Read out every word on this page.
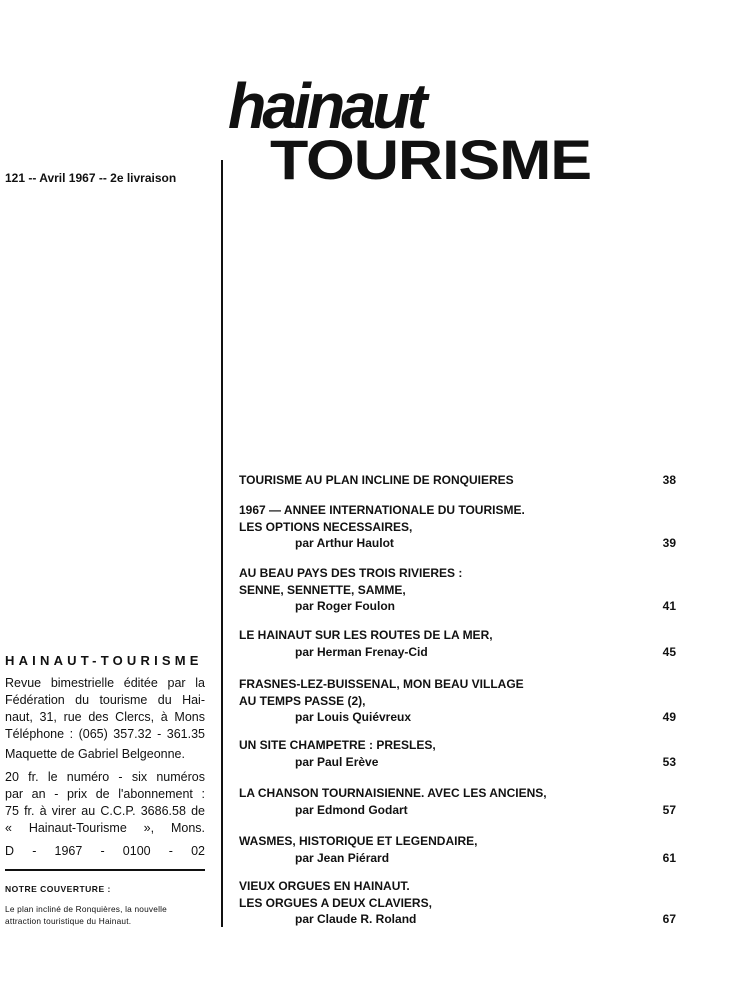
121 -- Avril 1967 -- 2e livraison
hainaut
TOURISME
HAINAUT-TOURISME

Revue bimestrielle éditée par la

Fédération du tourisme du Hai-

naut, 31, rue des Clercs, à Mons

Téléphone : (065) 357.32 - 361.35

Maquette de Gabriel Belgeonne.

20 fr. le numéro - six numéros

par an - prix de l'abonnement :

75 fr. à virer au C.C.P. 3686.58 de

« Hainaut-Tourisme », Mons.

D - 1967 - 0100 - 02

NOTRE COUVERTURE :
Le plan incliné de Ronquières, la nouvelle attraction touristique du Hainaut.
TOURISME AU PLAN INCLINE DE RONQUIERES	38
1967 — ANNEE INTERNATIONALE DU TOURISME.
LES OPTIONS NECESSAIRES,
par Arthur Haulot	39
AU BEAU PAYS DES TROIS RIVIERES :
SENNE, SENNETTE, SAMME,
par Roger Foulon	41
LE HAINAUT SUR LES ROUTES DE LA MER,
par Herman Frenay-Cid	45
FRASNES-LEZ-BUISSENAL, MON BEAU VILLAGE
AU TEMPS PASSE (2),
par Louis Quiévreux	49
UN SITE CHAMPETRE : PRESLES,
par Paul Erève	53
LA CHANSON TOURNAISIENNE. AVEC LES ANCIENS,
par Edmond Godart	57
WASMES, HISTORIQUE ET LEGENDAIRE,
par Jean Piérard	61
VIEUX ORGUES EN HAINAUT.
LES ORGUES A DEUX CLAVIERS,
par Claude R. Roland	67
